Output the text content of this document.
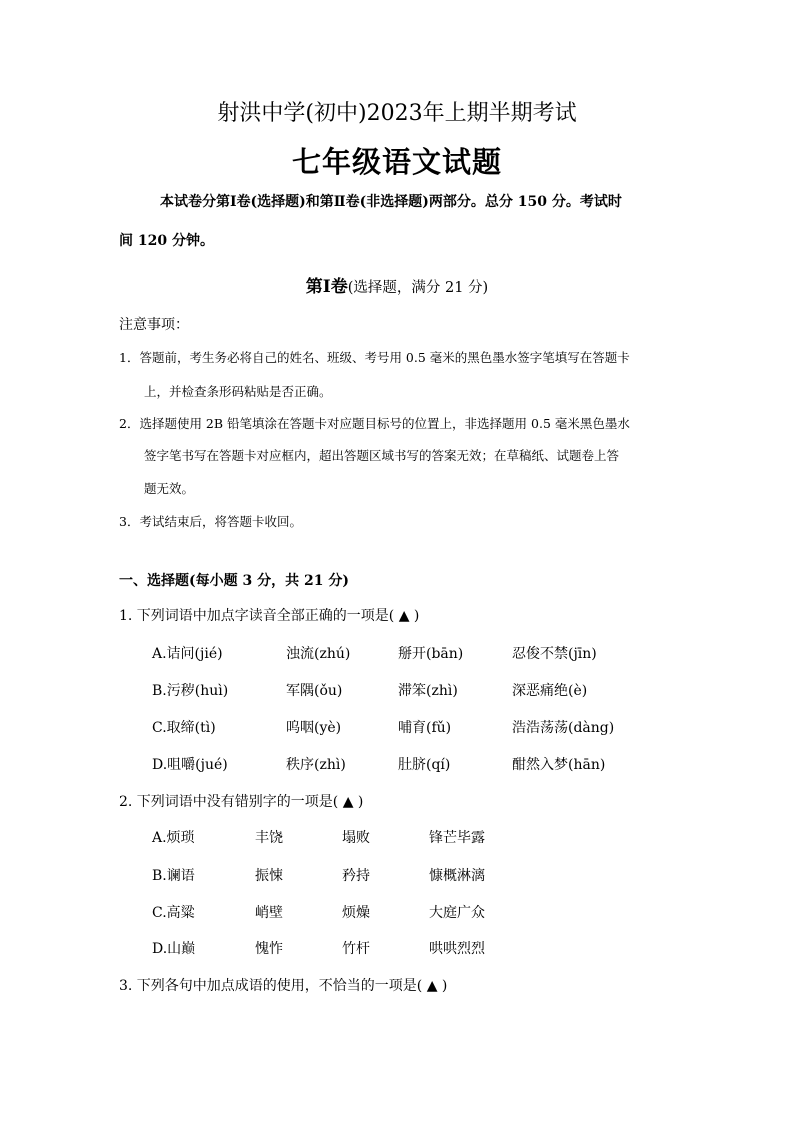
射洪中学(初中)2023年上期半期考试
七年级语文试题
本试卷分第Ⅰ卷(选择题)和第Ⅱ卷(非选择题)两部分。总分 150 分。考试时
间 120 分钟。
第Ⅰ卷(选择题，满分 21 分)
注意事项：
1．答题前，考生务必将自己的姓名、班级、考号用 0.5 毫米的黑色墨水签字笔填写在答题卡
上，并检查条形码粘贴是否正确。
2．选择题使用 2B 铅笔填涂在答题卡对应题目标号的位置上，非选择题用 0.5 毫米黑色墨水
签字笔书写在答题卡对应框内，超出答题区域书写的答案无效；在草稿纸、试题卷上答
题无效。
3．考试结束后，将答题卡收回。
一、选择题(每小题 3 分，共 21 分)
1. 下列词语中加点字读音全部正确的一项是( ▲ )
A.诘问(jié)	浊流(zhú)	掰开(bān)	忍俊不禁(jīn)
B.污秽(huì)	军隅(ǒu)	滞笨(zhì)	深恶痛绝(è)
C.取缔(tì)	呜咽(yè)	哺育(fǔ)	浩浩荡荡(dàng)
D.咀嚼(jué)	秩序(zhì)	肚脐(qí)	酣然入梦(hān)
2. 下列词语中没有错别字的一项是( ▲ )
A.烦琐	丰饶	塌败	锋芒毕露
B.谰语	振悚	矜持	慷概淋漓
C.高粱	峭壁	烦燥	大庭广众
D.山巅	愧怍	竹杆	哄哄烈烈
3. 下列各句中加点成语的使用，不恰当的一项是( ▲ )
